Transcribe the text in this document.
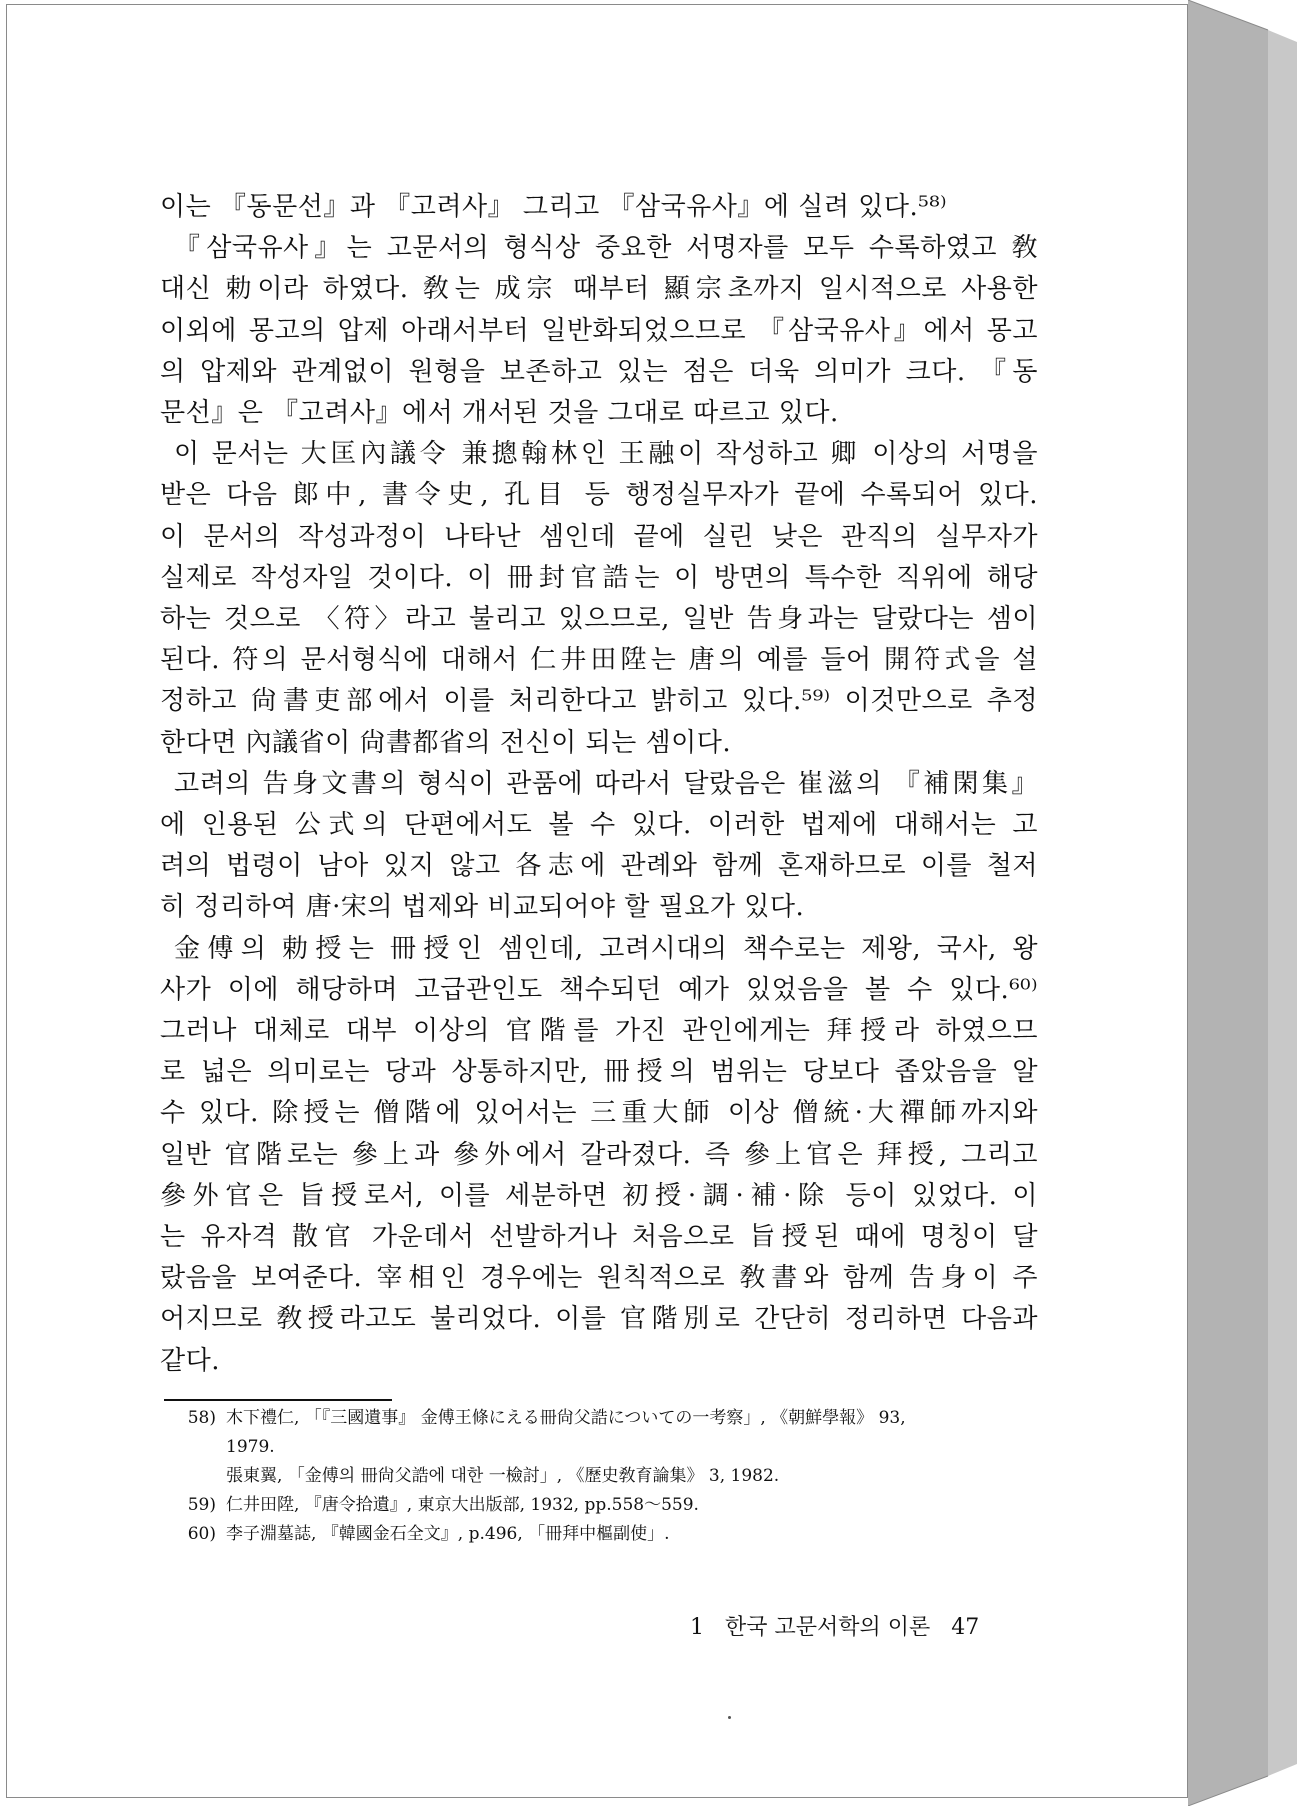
이는 『동문선』과 『고려사』 그리고 『삼국유사』에 실려 있다.⁵⁸⁾
『삼국유사』는 고문서의 형식상 중요한 서명자를 모두 수록하였고 敎
대신 勅이라 하였다. 敎는 成宗 때부터 顯宗초까지 일시적으로 사용한
이외에 몽고의 압제 아래서부터 일반화되었으므로 『삼국유사』에서 몽고
의 압제와 관계없이 원형을 보존하고 있는 점은 더욱 의미가 크다. 『동
문선』은 『고려사』에서 개서된 것을 그대로 따르고 있다.
이 문서는 大匡內議令 兼摠翰林인 王融이 작성하고 卿 이상의 서명을
받은 다음 郞中, 書令史, 孔目 등 행정실무자가 끝에 수록되어 있다.
이 문서의 작성과정이 나타난 셈인데 끝에 실린 낮은 관직의 실무자가
실제로 작성자일 것이다. 이 冊封官誥는 이 방면의 특수한 직위에 해당
하는 것으로 〈符〉라고 불리고 있으므로, 일반 告身과는 달랐다는 셈이
된다. 符의 문서형식에 대해서 仁井田陞는 唐의 예를 들어 開符式을 설
정하고 尙書吏部에서 이를 처리한다고 밝히고 있다.⁵⁹⁾ 이것만으로 추정
한다면 內議省이 尙書都省의 전신이 되는 셈이다.
고려의 告身文書의 형식이 관품에 따라서 달랐음은 崔滋의 『補閑集』
에 인용된 公式의 단편에서도 볼 수 있다. 이러한 법제에 대해서는 고
려의 법령이 남아 있지 않고 各志에 관례와 함께 혼재하므로 이를 철저
히 정리하여 唐·宋의 법제와 비교되어야 할 필요가 있다.
金傅의 勅授는 冊授인 셈인데, 고려시대의 책수로는 제왕, 국사, 왕
사가 이에 해당하며 고급관인도 책수되던 예가 있었음을 볼 수 있다.⁶⁰⁾
그러나 대체로 대부 이상의 官階를 가진 관인에게는 拜授라 하였으므
로 넓은 의미로는 당과 상통하지만, 冊授의 범위는 당보다 좁았음을 알
수 있다. 除授는 僧階에 있어서는 三重大師 이상 僧統·大禪師까지와
일반 官階로는 參上과 參外에서 갈라졌다. 즉 參上官은 拜授, 그리고
參外官은 旨授로서, 이를 세분하면 初授·調·補·除 등이 있었다. 이
는 유자격 散官 가운데서 선발하거나 처음으로 旨授된 때에 명칭이 달
랐음을 보여준다. 宰相인 경우에는 원칙적으로 敎書와 함께 告身이 주
어지므로 敎授라고도 불리었다. 이를 官階別로 간단히 정리하면 다음과
같다.
58) 木下禮仁, 「『三國遺事』 金傅王條にえる冊尙父誥についての一考察」, 《朝鮮學報》 93,
1979.
張東翼, 「金傅의 冊尙父誥에 대한 一檢討」, 《歷史敎育論集》 3, 1982.
59) 仁井田陞, 『唐令拾遺』, 東京大出版部, 1932, pp.558～559.
60) 李子淵墓誌, 『韓國金石全文』, p.496, 「冊拜中樞副使」.
1 한국 고문서학의 이론 47
